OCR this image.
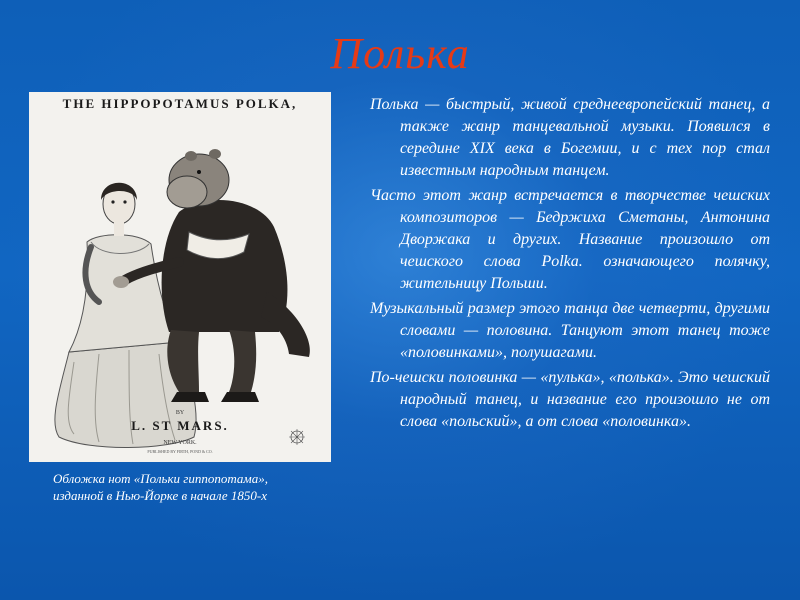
Полька
THE HIPPOPOTAMUS POLKA,
BY
L. ST MARS.
NEW YORK.
PUBLISHED BY FIRTH, POND & CO.
Обложка нот «Польки гиппопотама»,
изданной в Нью-Йорке в начале 1850-х

Полька — быстрый, живой среднеевропейский танец, а также жанр танцевальной музыки. Появился в середине XIX века в Богемии, и с тех пор стал известным народным танцем.

Часто этот жанр встречается в творчестве чешских композиторов — Бедржиха Сметаны, Антонина Дворжака и других. Название произошло от чешского слова Polka. означающего полячку, жительницу Польши.

Музыкальный размер этого танца две четверти, другими словами — половина. Танцуют этот танец тоже «половинками», полушагами.

По-чешски половинка — «пулька», «полька». Это чешский народный танец, и название его произошло не от слова «польский», а от слова «половинка».
